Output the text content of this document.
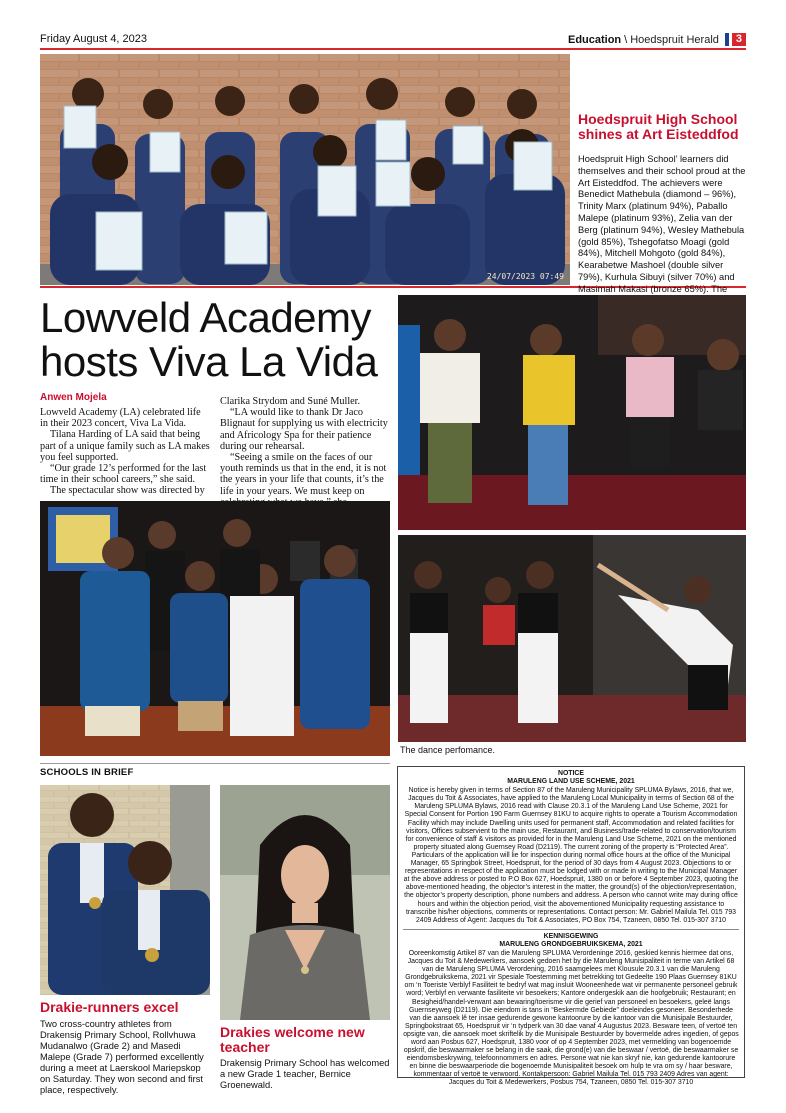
Friday August 4, 2023	Education \ Hoedspruit Herald	3
24/07/2023 07:49
Hoedspruit High School shines at Art Eisteddfod
Hoedspruit High School’ learners did themselves and their school proud at the Art Eisteddfod. The achievers were Benedict Mathebula (diamond – 96%), Trinity Marx (platinum 94%), Paballo Malepe (platinum 93%), Zelia van der Berg (platinum 94%), Wesley Mathebula (gold 85%), Tshegofatso Moagi (gold 84%), Mitchell Mohgoto (gold 84%), Kearabetwe Mashoel (double silver 79%), Kurhula Sibuyi (silver 70%) and Masimah Makasi (bronze 65%). The
Lowveld Academy
hosts Viva La Vida
Anwen Mojela

Lowveld Academy (LA) celebrated life in their 2023 concert, Viva La Vida.

Tilana Harding of LA said that being part of a unique family such as LA makes you feel supported.

“Our grade 12’s performed for the last time in their school careers,” she said.

The spectacular show was directed by

Clarika Strydom and Suné Muller.

“LA would like to thank Dr Jaco Blignaut for supplying us with electricity and Africology Spa for their patience during our rehearsal.

“Seeing a smile on the faces of our youth reminds us that in the end, it is not the years in your life that counts, it’s the life in your years. We must keep on

The dance perfomance.
SCHOOLS IN BRIEF
Drakie-runners excel
Two cross-country athletes from Drakensig Primary School, Rollvhuwa Mudanalwo (Grade 2) and Masedi Malepe (Grade 7) performed excellently during a meet at Laerskool Mariepskop on Saturday. They won second and first place, respectively.
Drakies welcome new teacher
Drakensig Primary School has welcomed a new Grade 1 teacher, Bernice Groenewald.
NOTICE
MARULENG LAND USE SCHEME, 2021
Notice is hereby given in terms of Section 87 of the Maruleng Municipality SPLUMA Bylaws, 2016, that we, Jacques du Toit & Associates, have applied to the Maruleng Local Municipality in terms of Section 68 of the Maruleng SPLUMA Bylaws, 2016 read with Clause 20.3.1 of the Maruleng Land Use Scheme, 2021 for Special Consent for Portion 190 Farm Guernsey 81KU to acquire rights to operate a Tourism Accommodation Facility which may include Dwelling units used for permanent staff, Accommodation and related facilities for visitors, Offices subservient to the main use, Restaurant, and Business/trade-related to conservation/tourism for convenience of staff & visitors as provided for in the Maruleng Land Use Scheme, 2021 on the mentioned property situated along Guernsey Road (D2119). The current zoning of the property is “Protected Area”. Particulars of the application will lie for inspection during normal office hours at the office of the Municipal Manager, 65 Springbok Street, Hoedspruit, for the period of 30 days from 4 August 2023. Objections to or representations in respect of the application must be lodged with or made in writing to the Municipal Manager at the above address or posted to P.O Box 627, Hoedspruit, 1380 on or before 4 September 2023, quoting the above-mentioned heading, the objector’s interest in the matter, the ground(s) of the objection/representation, the objector’s property description, phone numbers and address. A person who cannot write may during office hours and within the objection period, visit the abovementioned Municipality requesting assistance to transcribe his/her objections, comments or representations. Contact person: Mr. Gabriel Mailula Tel. 015 793 2409 Address of Agent: Jacques du Toit & Associates, PO Box 754, Tzaneen, 0850 Tel. 015-307 3710
KENNISGEWING
MARULENG GRONDGEBRUIKSKEMA, 2021
Ooreenkomstig Artikel 87 van die Maruleng SPLUMA Verordeninge 2016, geskied kennis hiermee dat ons, Jacques du Toit & Medewerkers, aansoek gedoen het by die Maruleng Munisipaliteit in terme van Artikel 68 van die Maruleng SPLUMA Verordening, 2016 saamgelees met Klousule 20.3.1 van die Maruleng Grondgebruikskema, 2021 vir Spesiale Toestemming met betrekking tot Gedeelte 190 Plaas Guernsey 81KU om ‘n Toeriste Verblyf Fasiliteit te bedryf wat mag insluit Wooneenhede wat vir permanente personeel gebruik word; Verblyf en verwante fasiliteite vir besoekers; Kantore ondergeskik aan die hoofgebruik; Restaurant; en Besigheid/handel-verwant aan bewaring/toerisme vir die gerief van personeel en besoekers, geleë langs Guernseyweg (D2119). Die eiendom is tans in “Beskermde Gebiede” doeleindes gesoneer. Besonderhede van die aansoek lê ter insae gedurende gewone kantoorure by die kantoor van die Munisipale Bestuurder, Springbokstraat 65, Hoedspruit vir ‘n tydperk van 30 dae vanaf 4 Augustus 2023. Besware teen, of vertoë ten opsigte van, die aansoek moet skriftelik by die Munisipale Bestuurder by bovermelde adres ingedien, of gepos word aan Posbus 627, Hoedspruit, 1380 voor of op 4 September 2023, met vermelding van bogenoemde opskrif, die beswaarmaker se belang in die saak, die grond(e) van die beswaar / vertoë, die beswaarmaker se eiendomsbeskrywing, telefoonnommers en adres. Persone wat nie kan skryf nie, kan gedurende kantoorure en binne die beswaarperiode die bogenoemde Munisipaliteit besoek om hulp te vra om sy / haar besware, kommentaar of vertoë te verwoord. Kontakpersoon: Gabriel Mailula Tel. 015 793 2409 Adres van agent: Jacques du Toit & Medewerkers, Posbus 754, Tzaneen, 0850 Tel. 015-307 3710
